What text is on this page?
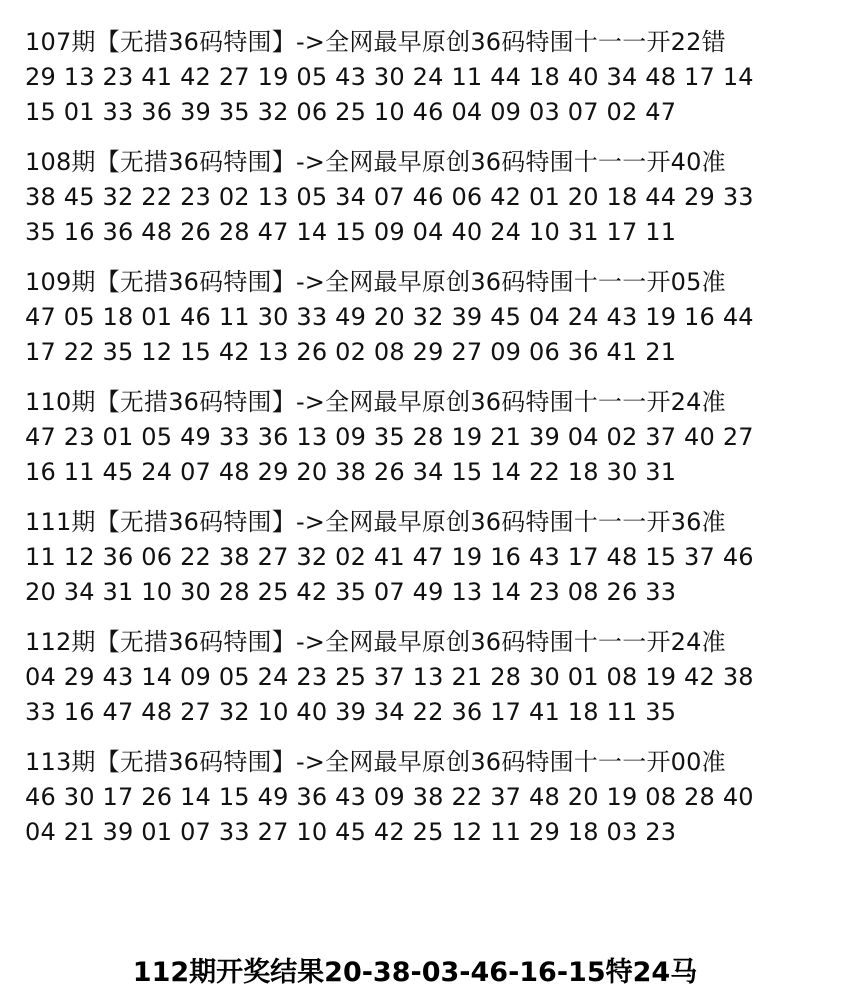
107期【无措36码特围】->全网最早原创36码特围十一一开22错
29 13 23 41 42 27 19 05 43 30 24 11 44 18 40 34 48 17 14
15 01 33 36 39 35 32 06 25 10 46 04 09 03 07 02 47
108期【无措36码特围】->全网最早原创36码特围十一一开40准
38 45 32 22 23 02 13 05 34 07 46 06 42 01 20 18 44 29 33
35 16 36 48 26 28 47 14 15 09 04 40 24 10 31 17 11
109期【无措36码特围】->全网最早原创36码特围十一一开05准
47 05 18 01 46 11 30 33 49 20 32 39 45 04 24 43 19 16 44
17 22 35 12 15 42 13 26 02 08 29 27 09 06 36 41 21
110期【无措36码特围】->全网最早原创36码特围十一一开24准
47 23 01 05 49 33 36 13 09 35 28 19 21 39 04 02 37 40 27
16 11 45 24 07 48 29 20 38 26 34 15 14 22 18 30 31
111期【无措36码特围】->全网最早原创36码特围十一一开36准
11 12 36 06 22 38 27 32 02 41 47 19 16 43 17 48 15 37 46
20 34 31 10 30 28 25 42 35 07 49 13 14 23 08 26 33
112期【无措36码特围】->全网最早原创36码特围十一一开24准
04 29 43 14 09 05 24 23 25 37 13 21 28 30 01 08 19 42 38
33 16 47 48 27 32 10 40 39 34 22 36 17 41 18 11 35
113期【无措36码特围】->全网最早原创36码特围十一一开00准
46 30 17 26 14 15 49 36 43 09 38 22 37 48 20 19 08 28 40
04 21 39 01 07 33 27 10 45 42 25 12 11 29 18 03 23
112期开奖结果20-38-03-46-16-15特24马
